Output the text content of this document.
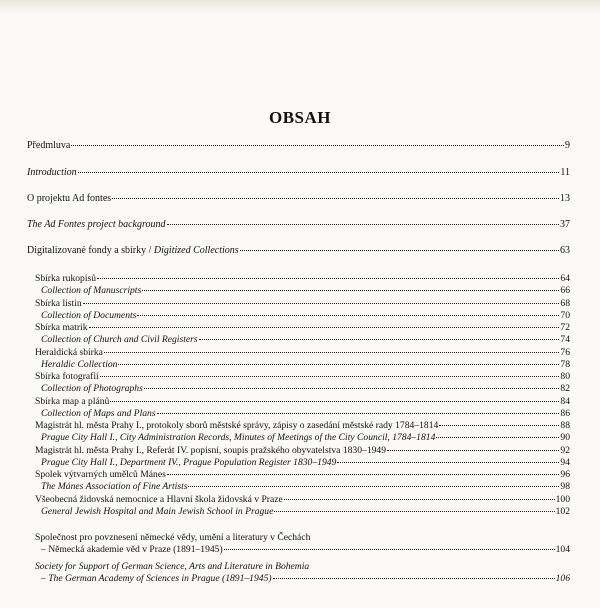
OBSAH
Předmluva	9
Introduction	11
O projektu Ad fontes	13
The Ad Fontes project background	37
Digitalizované fondy a sbírky / Digitized Collections	63
Sbírka rukopisů	64
Collection of Manuscripts	66
Sbírka listin	68
Collection of Documents	70
Sbírka matrik	72
Collection of Church and Civil Registers	74
Heraldická sbírka	76
Heraldic Collection	78
Sbírka fotografií	80
Collection of Photographs	82
Sbírka map a plánů	84
Collection of Maps and Plans	86
Magistrát hl. města Prahy I., protokoly sborů městské správy, zápisy o zasedání městské rady 1784–1814	88
Prague City Hall I., City Administration Records, Minutes of Meetings of the City Council, 1784–1814	90
Magistrát hl. města Prahy I., Referát IV. popisní, soupis pražského obyvatelstva 1830–1949	92
Prague City Hall I., Department IV., Prague Population Register 1830–1949	94
Spolek výtvarných umělců Mánes	96
The Mánes Association of Fine Artists	98
Všeobecná židovská nemocnice a Hlavní škola židovská v Praze	100
General Jewish Hospital and Main Jewish School in Prague	102
Společnost pro povznesení německé vědy, umění a literatury v Čechách
– Německá akademie věd v Praze (1891–1945)	104
Society for Support of German Science, Arts and Literature in Bohemia
– The German Academy of Sciences in Prague (1891–1945)	106
